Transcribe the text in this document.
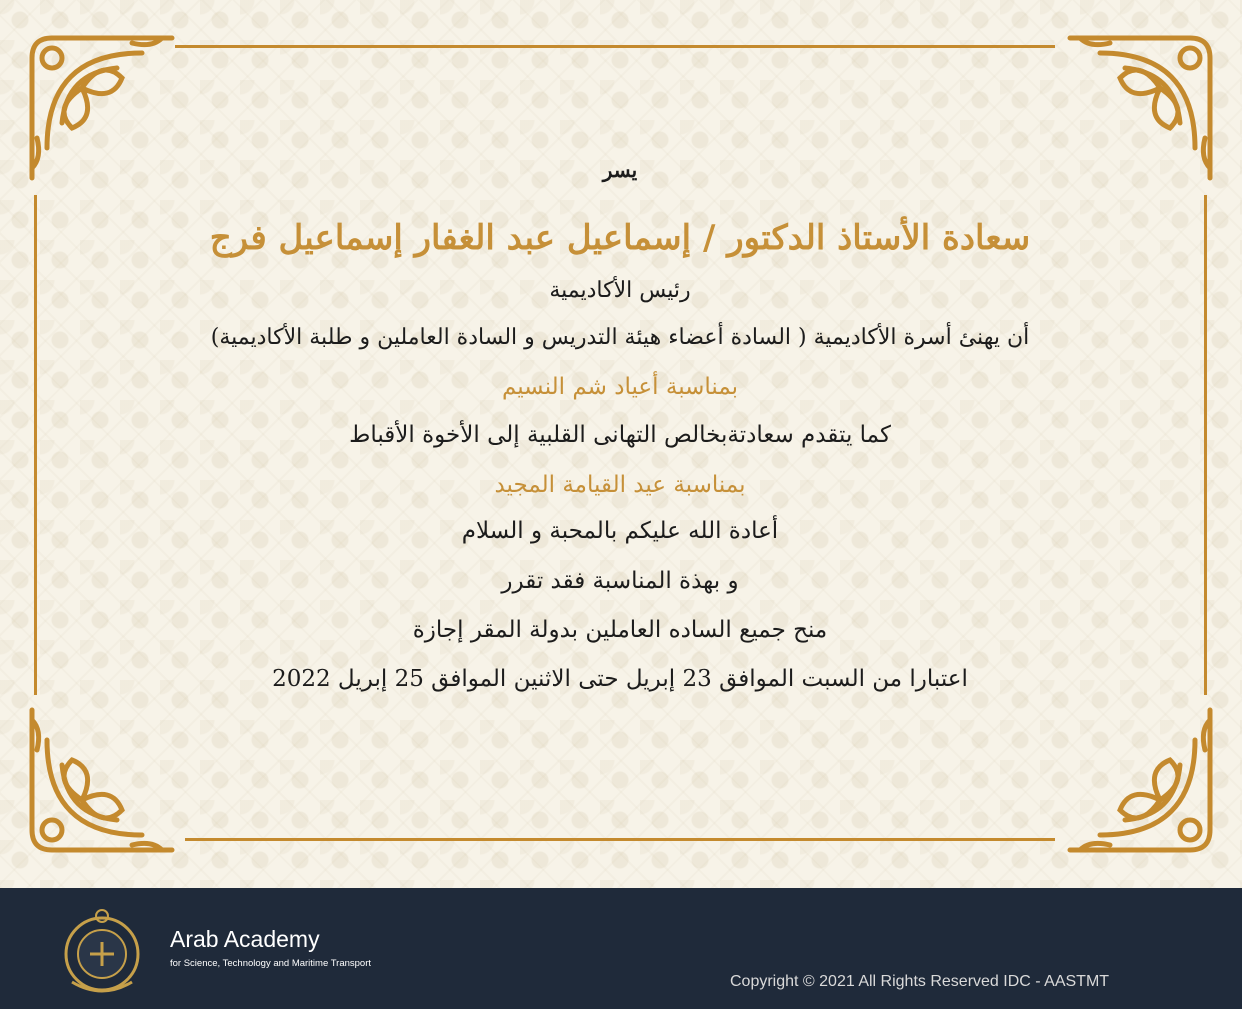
يسر
سعادة الأستاذ الدكتور / إسماعيل عبد الغفار إسماعيل فرج
رئيس الأكاديمية
أن يهنئ أسرة الأكاديمية ( السادة أعضاء هيئة التدريس و السادة العاملين و طلبة الأكاديمية)
بمناسبة أعياد شم النسيم
كما يتقدم سعادتةبخالص التهانى القلبية إلى الأخوة الأقباط
بمناسبة عيد القيامة المجيد
أعادة الله عليكم بالمحبة و السلام
و بهذة المناسبة فقد تقرر
منح جميع الساده العاملين بدولة المقر إجازة
اعتبارا من السبت الموافق 23 إبريل حتى الاثنين الموافق 25 إبريل 2022
Arab Academy
for Science, Technology and Maritime Transport
Copyright © 2021 All Rights Reserved IDC - AASTMT
